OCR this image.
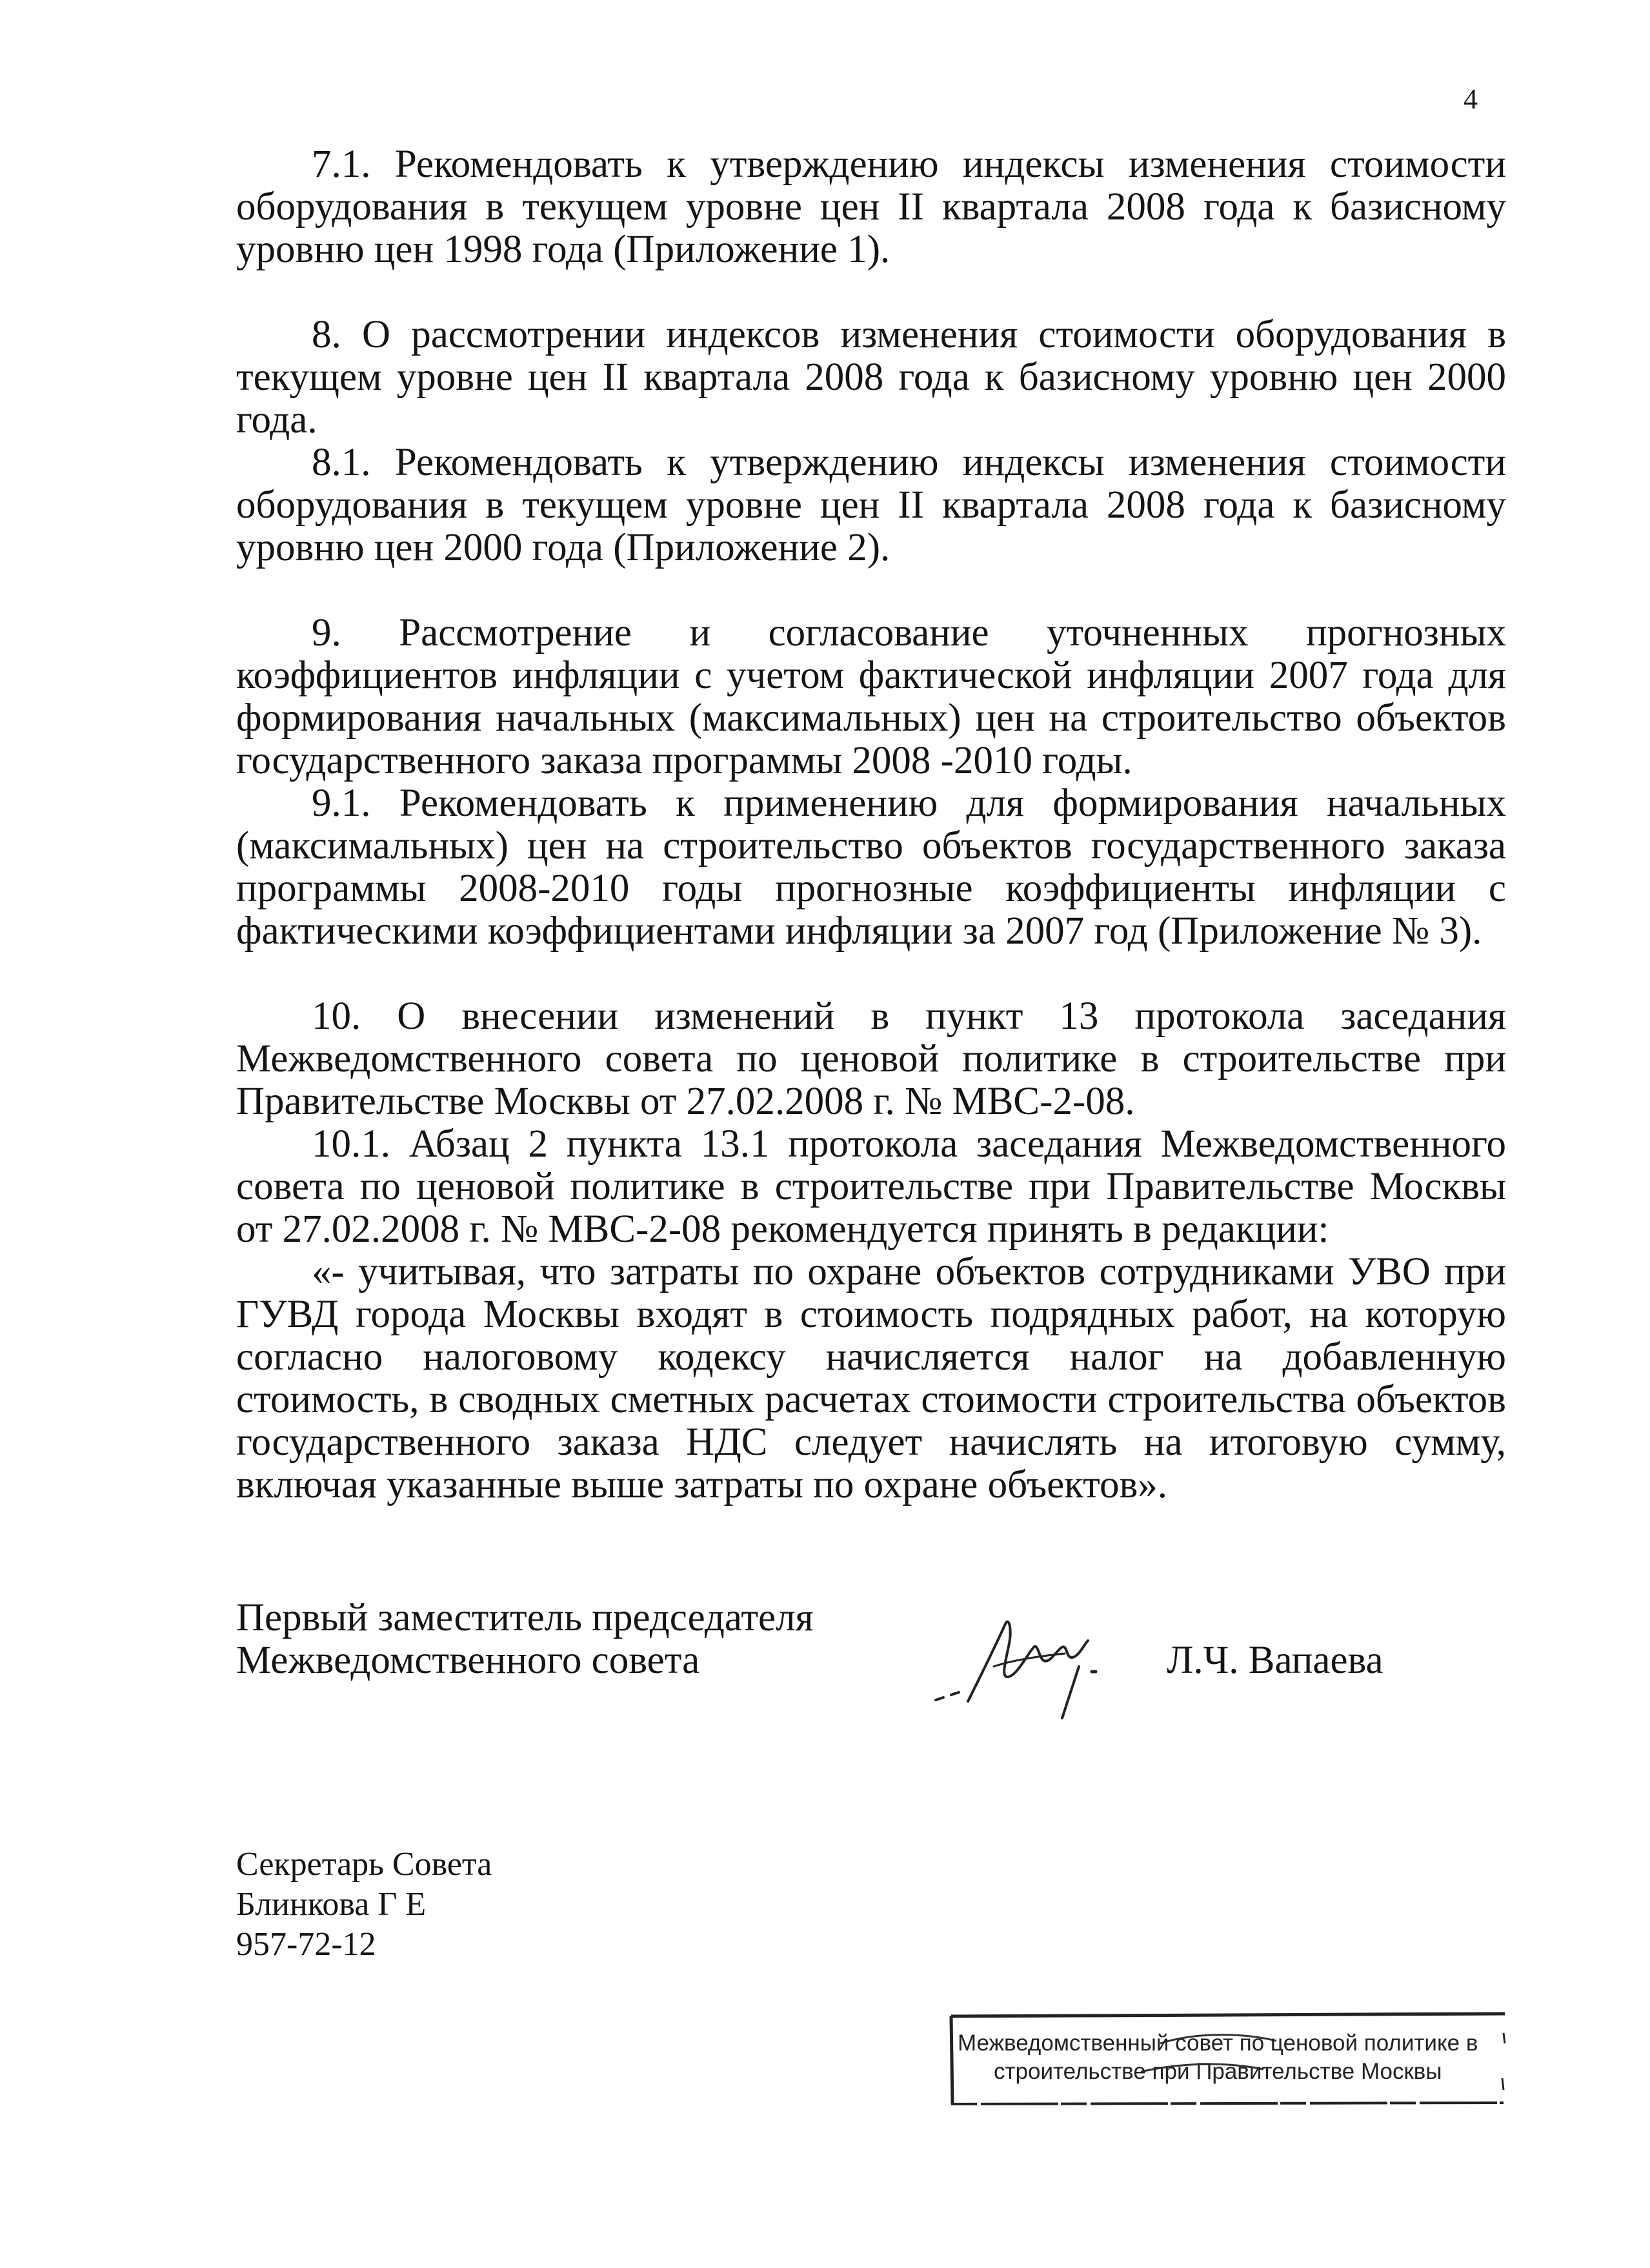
4

7.1. Рекомендовать к утверждению индексы изменения стоимости оборудования в текущем уровне цен II квартала 2008 года к базисному уровню цен 1998 года (Приложение 1).

8. О рассмотрении индексов изменения стоимости оборудования в текущем уровне цен II квартала 2008 года к базисному уровню цен 2000 года.

8.1. Рекомендовать к утверждению индексы изменения стоимости оборудования в текущем уровне цен II квартала 2008 года к базисному уровню цен 2000 года (Приложение 2).

9. Рассмотрение и согласование уточненных прогнозных коэффициентов инфляции с учетом фактической инфляции 2007 года для формирования начальных (максимальных) цен на строительство объектов государственного заказа программы 2008 -2010 годы.

9.1. Рекомендовать к применению для формирования начальных (максимальных) цен на строительство объектов государственного заказа программы 2008-2010 годы прогнозные коэффициенты инфляции с фактическими коэффициентами инфляции за 2007 год (Приложение № 3).

10. О внесении изменений в пункт 13 протокола заседания Межведомственного совета по ценовой политике в строительстве при Правительстве Москвы от 27.02.2008 г. № МВС-2-08.

10.1. Абзац 2 пункта 13.1 протокола заседания Межведомственного совета по ценовой политике в строительстве при Правительстве Москвы от 27.02.2008 г. № МВС-2-08 рекомендуется принять в редакции:

«- учитывая, что затраты по охране объектов сотрудниками УВО при ГУВД города Москвы входят в стоимость подрядных работ, на которую согласно налоговому кодексу начисляется налог на добавленную стоимость, в сводных сметных расчетах стоимости строительства объектов государственного заказа НДС следует начислять на итоговую сумму, включая указанные выше затраты по охране объектов».

Первый заместитель председателя
Межведомственного совета	Л.Ч. Вапаева
Секретарь Совета
Блинкова Г Е
957-72-12
Межведомственный совет по ценовой политике в
строительстве при Правительстве Москвы
